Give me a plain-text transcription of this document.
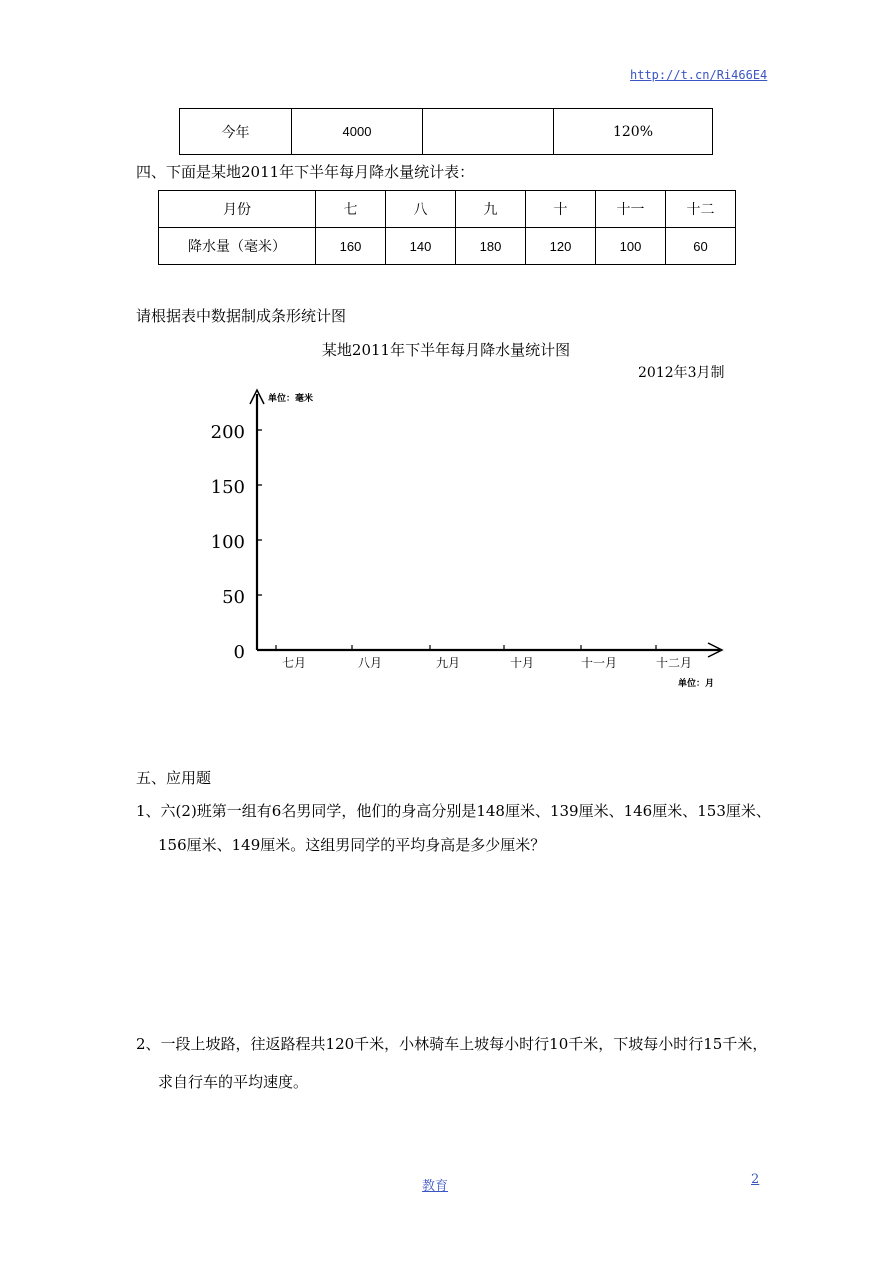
http://t.cn/Ri466E4
今年	4000		120%
四、下面是某地2011年下半年每月降水量统计表：
月份	七	八	九	十	十一	十二
降水量（毫米）	160	140	180	120	100	60
请根据表中数据制成条形统计图
某地2011年下半年每月降水量统计图
2012年3月制
单位：毫米
单位：月
0
50
100
150
200
七月	八月	九月	十月	十一月	十二月
五、应用题
1、六(2)班第一组有6名男同学，他们的身高分别是148厘米、139厘米、146厘米、153厘米、
156厘米、149厘米。这组男同学的平均身高是多少厘米？
2、一段上坡路，往返路程共120千米，小林骑车上坡每小时行10千米，下坡每小时行15千米，
求自行车的平均速度。
教育	2
